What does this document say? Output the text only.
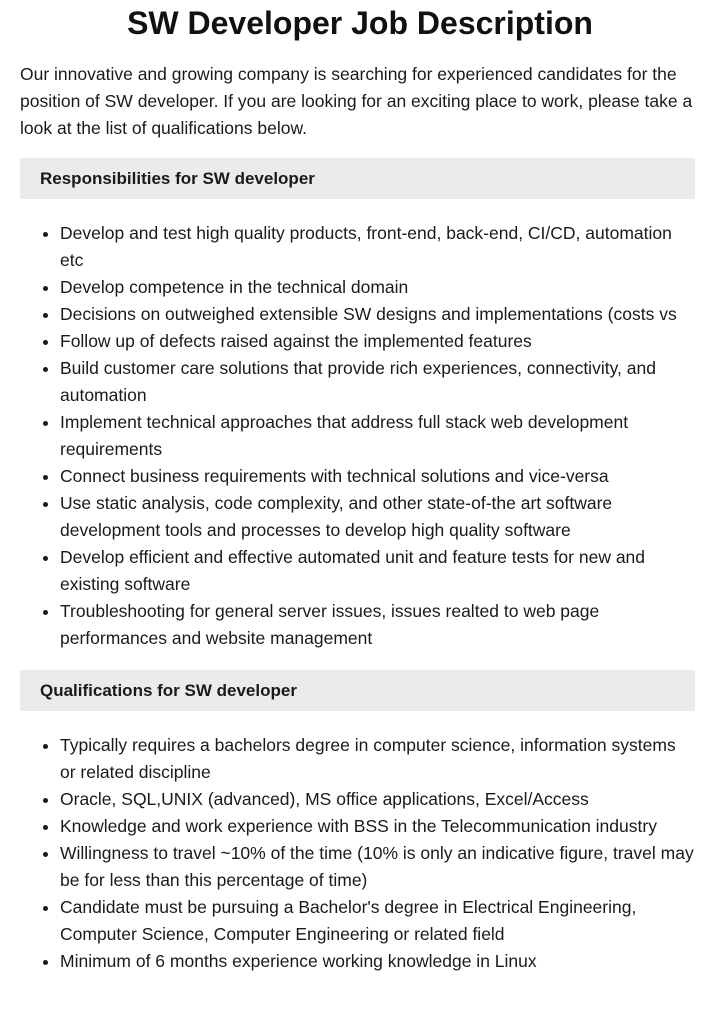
SW Developer Job Description

Our innovative and growing company is searching for experienced candidates for the position of SW developer. If you are looking for an exciting place to work, please take a look at the list of qualifications below.

Responsibilities for SW developer
• Develop and test high quality products, front-end, back-end, CI/CD, automation etc
• Develop competence in the technical domain
• Decisions on outweighed extensible SW designs and implementations (costs vs
• Follow up of defects raised against the implemented features
• Build customer care solutions that provide rich experiences, connectivity, and automation
• Implement technical approaches that address full stack web development requirements
• Connect business requirements with technical solutions and vice-versa
• Use static analysis, code complexity, and other state-of-the art software development tools and processes to develop high quality software
• Develop efficient and effective automated unit and feature tests for new and existing software
• Troubleshooting for general server issues, issues realted to web page performances and website management
Qualifications for SW developer
• Typically requires a bachelors degree in computer science, information systems or related discipline
• Oracle, SQL,UNIX (advanced), MS office applications, Excel/Access
• Knowledge and work experience with BSS in the Telecommunication industry
• Willingness to travel ~10% of the time (10% is only an indicative figure, travel may be for less than this percentage of time)
• Candidate must be pursuing a Bachelor's degree in Electrical Engineering, Computer Science, Computer Engineering or related field
• Minimum of 6 months experience working knowledge in Linux
